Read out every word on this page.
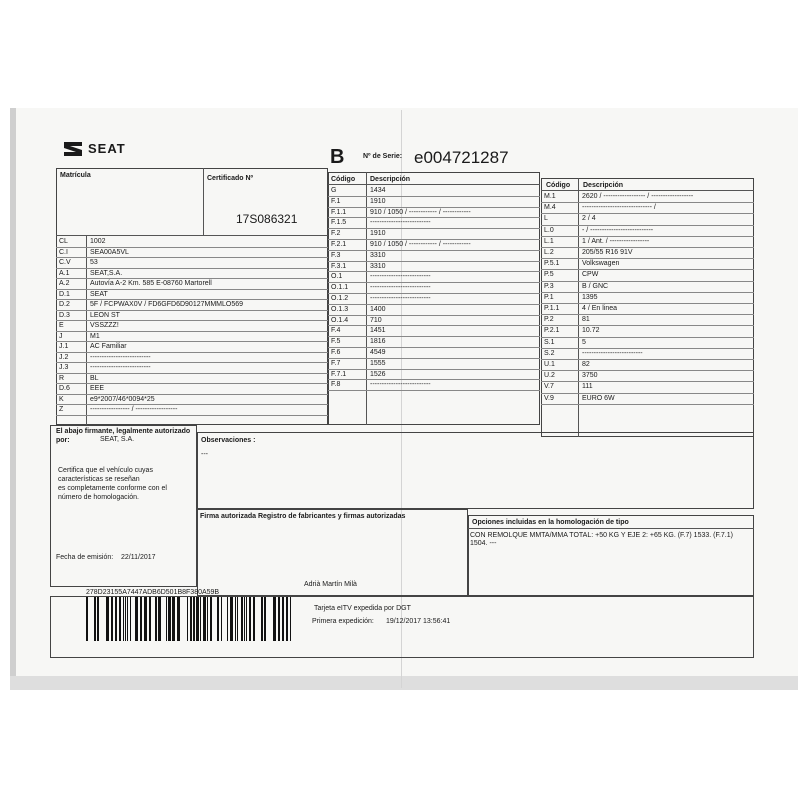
SEAT	B	Nº de Serie: e004721287
Matrícula	Certificado Nº
17S086321
CL	1002
C.I	SEA00A5VL
C.V	53
A.1	SEAT,S.A.
A.2	Autovía A-2 Km. 585 E-08760 Martorell
D.1	SEAT
D.2	5F / FCPWAX0V / FD6GFD6D90127MMMLO569
D.3	LEON ST
E	VSSZZZ!
J	M1
J.1	AC Familiar
J.2	--------------------------
J.3	--------------------------
R	BL
D.6	EEE
K	e9*2007/46*0094*25
Z	----------------- / ------------------
Código Descripción
G	1434
F.1	1910
F.1.1	910 / 1050 / ------------ / ------------
F.1.5	--------------------------
F.2	1910
F.2.1	910 / 1050 / ------------ / ------------
F.3	3310
F.3.1	3310
O.1	--------------------------
O.1.1	--------------------------
O.1.2	--------------------------
O.1.3	1400
O.1.4	710
F.4	1451
F.5	1816
F.6	4549
F.7	1555
F.7.1	1526
F.8	--------------------------
Código Descripción
M.1	2620 / ------------------ / ------------------
M.4	------------------------------ /
L	2 / 4
L.0	- / ---------------------------
L.1	1 / Ant. / -----------------
L.2	205/55 R16 91V
P.5.1	Volkswagen
P.5	CPW
P.3	B / GNC
P.1	1395
P.1.1	4 / En linea
P.2	81
P.2.1	10.72
S.1	5
S.2	--------------------------
U.1	82
U.2	3750
V.7	111
V.9	EURO 6W
El abajo firmante, legalmente autorizado por:	SEAT, S.A.
Certifica que el vehículo cuyas
características se reseñan
es completamente conforme con el
número de homologación.
Fecha de emisión: 22/11/2017
Observaciones :
---
Firma autorizada Registro de fabricantes y firmas autorizadas
Adrià Martín Milà
Opciones incluidas en la homologación de tipo
CON REMOLQUE MMTA/MMA TOTAL: +50 KG Y EJE 2: +65 KG. (F.7) 1533. (F.7.1)
1504. ---
278D23155A7447ADB6D501B8F380A59B
Tarjeta eITV expedida por DGT
Primera expedición: 19/12/2017 13:56:41
